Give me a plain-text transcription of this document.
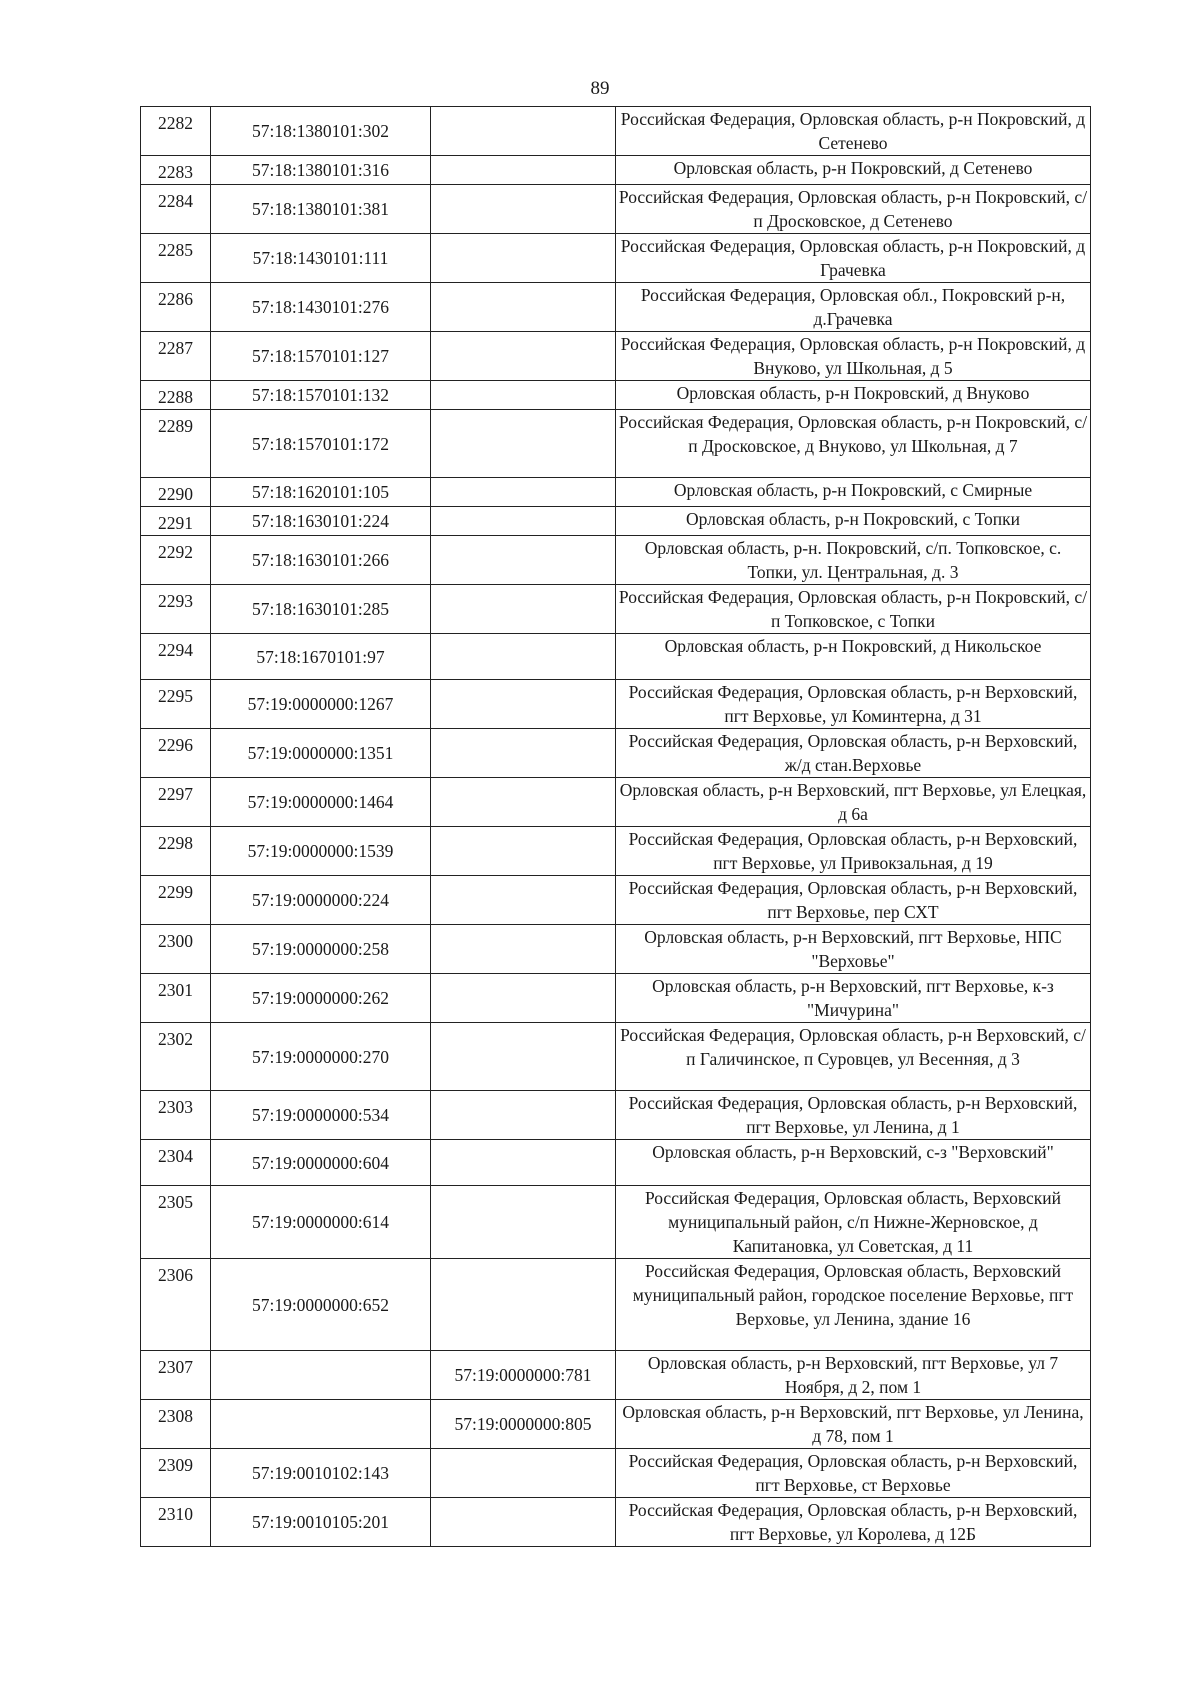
89
2282	57:18:1380101:302		Российская Федерация, Орловская область, р-н Покровский, д Сетенево
2283	57:18:1380101:316		Орловская область, р-н Покровский, д Сетенево
2284	57:18:1380101:381		Российская Федерация, Орловская область, р-н Покровский, с/п Дросковское, д Сетенево
2285	57:18:1430101:111		Российская Федерация, Орловская область, р-н Покровский, д Грачевка
2286	57:18:1430101:276		Российская Федерация, Орловская обл., Покровский р-н, д.Грачевка
2287	57:18:1570101:127		Российская Федерация, Орловская область, р-н Покровский, д Внуково, ул Школьная, д 5
2288	57:18:1570101:132		Орловская область, р-н Покровский, д Внуково
2289	57:18:1570101:172		Российская Федерация, Орловская область, р-н Покровский, с/п Дросковское, д Внуково, ул Школьная, д 7
2290	57:18:1620101:105		Орловская область, р-н Покровский, с Смирные
2291	57:18:1630101:224		Орловская область, р-н Покровский, с Топки
2292	57:18:1630101:266		Орловская область, р-н. Покровский, с/п. Топковское, с. Топки, ул. Центральная, д. 3
2293	57:18:1630101:285		Российская Федерация, Орловская область, р-н Покровский, с/п Топковское, с Топки
2294	57:18:1670101:97		Орловская область, р-н Покровский, д Никольское
2295	57:19:0000000:1267		Российская Федерация, Орловская область, р-н Верховский, пгт Верховье, ул Коминтерна, д 31
2296	57:19:0000000:1351		Российская Федерация, Орловская область, р-н Верховский, ж/д стан.Верховье
2297	57:19:0000000:1464		Орловская область, р-н Верховский, пгт Верховье, ул Елецкая, д 6а
2298	57:19:0000000:1539		Российская Федерация, Орловская область, р-н Верховский, пгт Верховье, ул Привокзальная, д 19
2299	57:19:0000000:224		Российская Федерация, Орловская область, р-н Верховский, пгт Верховье, пер СХТ
2300	57:19:0000000:258		Орловская область, р-н Верховский, пгт Верховье, НПС "Верховье"
2301	57:19:0000000:262		Орловская область, р-н Верховский, пгт Верховье, к-з "Мичурина"
2302	57:19:0000000:270		Российская Федерация, Орловская область, р-н Верховский, с/п Галичинское, п Суровцев, ул Весенняя, д 3
2303	57:19:0000000:534		Российская Федерация, Орловская область, р-н Верховский, пгт Верховье, ул Ленина, д 1
2304	57:19:0000000:604		Орловская область, р-н Верховский, с-з "Верховский"
2305	57:19:0000000:614		Российская Федерация, Орловская область, Верховский муниципальный район, с/п Нижне-Жерновское, д Капитановка, ул Советская, д 11
2306	57:19:0000000:652		Российская Федерация, Орловская область, Верховский муниципальный район, городское поселение Верховье, пгт Верховье, ул Ленина, здание 16
2307		57:19:0000000:781	Орловская область, р-н Верховский, пгт Верховье, ул 7 Ноября, д 2, пом 1
2308		57:19:0000000:805	Орловская область, р-н Верховский, пгт Верховье, ул Ленина, д 78, пом 1
2309	57:19:0010102:143		Российская Федерация, Орловская область, р-н Верховский, пгт Верховье, ст Верховье
2310	57:19:0010105:201		Российская Федерация, Орловская область, р-н Верховский, пгт Верховье, ул Королева, д 12Б
